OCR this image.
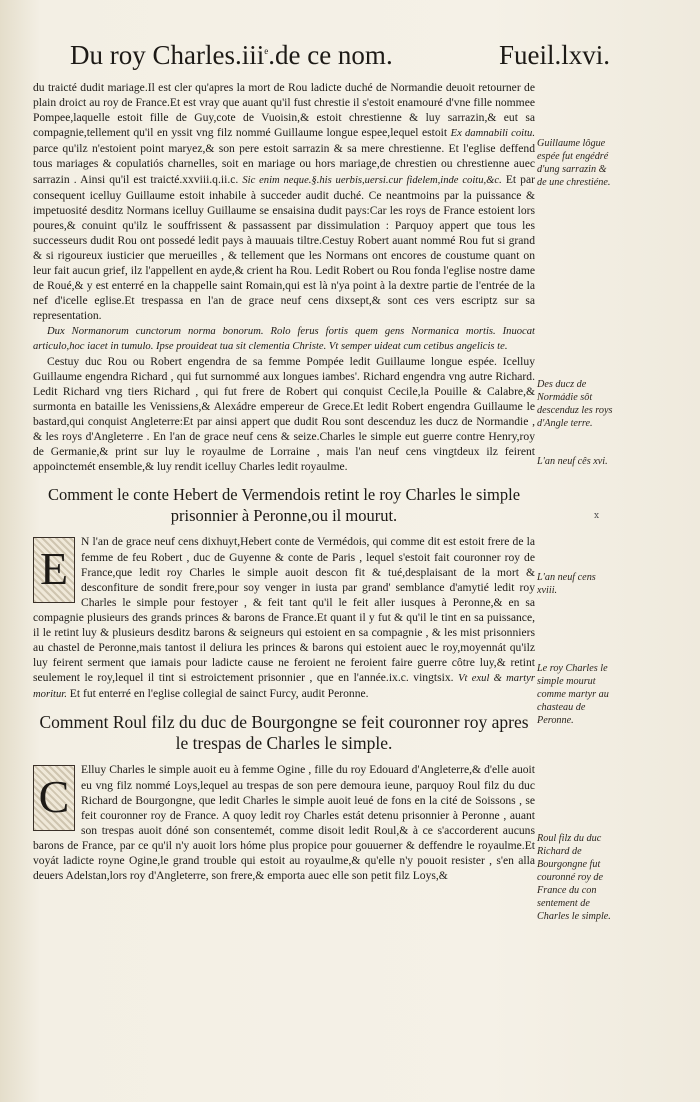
Du roy Charles.iii$^e$.de ce nom.	Fueil.lxvi.

du traicté dudit mariage.Il est cler qu'apres la mort de Rou ladicte duché de Normandie deuoit retourner de plain droict au roy de France.Et est vray que auant qu'il fust chrestie il s'estoit enamouré d'vne fille nommee Pompee,laquelle estoit fille de Guy,cote de Vuoisin,& estoit chrestienne & luy sarrazin,& eut sa compagnie,tellement qu'il en yssit vng filz nommé Guillaume longue espee,lequel estoit Ex damnabili coitu. parce qu'ilz n'estoient point maryez,& son pere estoit sarrazin & sa mere chrestienne. Et l'eglise deffend tous mariages & copulatiós charnelles, soit en mariage ou hors mariage,de chrestien ou chrestienne auec sarrazin . Ainsi qu'il est traicté.xxviii.q.ii.c. Sic enim neque.§.his uerbis,uersi.cur fidelem,inde coitu,&c. Et par consequent icelluy Guillaume estoit inhabile à succeder audit duché. Ce neantmoins par la puissance & impetuosité desditz Normans icelluy Guillaume se ensaisina dudit pays:Car les roys de France estoient lors poures,& conuint qu'ilz le souffrissent & passassent par dissimulation : Parquoy appert que tous les successeurs dudit Rou ont possedé ledit pays à mauuais tiltre.Cestuy Robert auant nommé Rou fut si grand & si rigoureux iusticier que merueilles , & tellement que les Normans ont encores de coustume quant on leur fait aucun grief, ilz l'appellent en ayde,& crient ha Rou. Ledit Robert ou Rou fonda l'eglise nostre dame de Roué,& y est enterré en la chappelle saint Romain,qui est là n'ya point à la dextre partie de l'entrée de la nef d'icelle eglise.Et trespassa en l'an de grace neuf cens dixsept,& sont ces vers escriptz sur sa representation.

Dux Normanorum cunctorum norma bonorum. Rolo ferus fortis quem gens Normanica mortis. Inuocat articulo,hoc iacet in tumulo. Ipse prouideat tua sit clementia Christe. Vt semper uideat cum cetibus angelicis te.

Cestuy duc Rou ou Robert engendra de sa femme Pompée ledit Guillaume longue espée. Icelluy Guillaume engendra Richard , qui fut surnommé aux longues iambes'. Richard engendra vng autre Richard. Ledit Richard vng tiers Richard , qui fut frere de Robert qui conquist Cecile,la Pouille & Calabre,& surmonta en bataille les Venissiens,& Alexádre empereur de Grece.Et ledit Robert engendra Guillaume le bastard,qui conquist Angleterre:Et par ainsi appert que dudit Rou sont descenduz les ducz de Normandie , & les roys d'Angleterre . En l'an de grace neuf cens & seize.Charles le simple eut guerre contre Henry,roy de Germanie,& print sur luy le royaulme de Lorraine , mais l'an neuf cens vingtdeux ilz feirent appoinctemét ensemble,& luy rendit icelluy Charles ledit royaulme.

Comment le conte Hebert de Vermendois retint le roy Charles le simple prisonnier à Peronne,ou il mourut.

E
N l'an de grace neuf cens dixhuyt,Hebert conte de Vermédois, qui comme dit est estoit frere de la femme de feu Robert , duc de Guyenne & conte de Paris , lequel s'estoit fait couronner roy de France,que ledit roy Charles le simple auoit descon fit & tué,desplaisant de la mort & desconfiture de sondit frere,pour soy venger in iusta par grand' semblance d'amytié ledit roy Charles le simple pour festoyer , & feit tant qu'il le feit aller iusques à Peronne,& en sa compagnie plusieurs des grands princes & barons de France.Et quant il y fut & qu'il le tint en sa puissance, il le retint luy & plusieurs desditz barons & seigneurs qui estoient en sa compagnie , & les mist prisonniers au chastel de Peronne,mais tantost il deliura les princes & barons qui estoient auec le roy,moyennát qu'ilz luy feirent serment que iamais pour ladicte cause ne feroient ne feroient faire guerre côtre luy,& retint seulement le roy,lequel il tint si estroictement prisonnier , que en l'année.ix.c. vingtsix. Vt exul & martyr moritur. Et fut enterré en l'eglise collegial de sainct Furcy, audit Peronne.

Comment Roul filz du duc de Bourgongne se feit couronner roy apres le trespas de Charles le simple.

C
Elluy Charles le simple auoit eu à femme Ogine , fille du roy Edouard d'Angleterre,& d'elle auoit eu vng filz nommé Loys,lequel au trespas de son pere demoura ieune, parquoy Roul filz du duc Richard de Bourgongne, que ledit Charles le simple auoit leué de fons en la cité de Soissons , se feit couronner roy de France. A quoy ledit roy Charles estát detenu prisonnier à Peronne , auant son trespas auoit dóné son consentemét, comme disoit ledit Roul,& à ce s'accorderent aucuns barons de France, par ce qu'il n'y auoit lors hóme plus propice pour gouuerner & deffendre le royaulme.Et voyát ladicte royne Ogine,le grand trouble qui estoit au royaulme,& qu'elle n'y pouoit resister , s'en alla deuers Adelstan,lors roy d'Angleterre, son frere,& emporta auec elle son petit filz Loys,&

Guillaume lôgue espée fut engédré d'ung sarrazin & de une chrestiéne.
Des ducz de Normádie sôt descenduz les roys d'Angle terre.
L'an neuf cês xvi.
L'an neuf cens xviii.
Le roy Charles le simple mourut comme martyr au chasteau de Peronne.
Roul filz du duc Richard de Bourgongne fut couronné roy de France du con sentement de Charles le simple.
x
